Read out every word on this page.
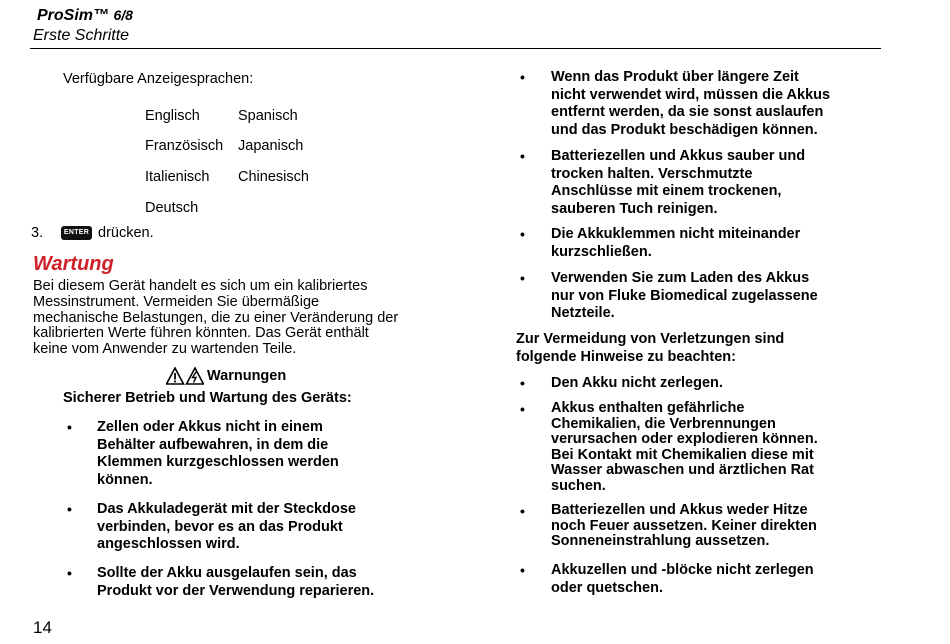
ProSim™ 6/8
Erste Schritte
Verfügbare Anzeigesprachen:
Englisch	Spanisch
Französisch Japanisch
Italienisch Chinesisch
Deutsch
3.	ENTER drücken.
Wartung
Bei diesem Gerät handelt es sich um ein kalibriertes
Messinstrument. Vermeiden Sie übermäßige
mechanische Belastungen, die zu einer Veränderung der
kalibrierten Werte führen könnten. Das Gerät enthält
keine vom Anwender zu wartenden Teile.
Warnungen
Sicherer Betrieb und Wartung des Geräts:
• Zellen oder Akkus nicht in einem
Behälter aufbewahren, in dem die
Klemmen kurzgeschlossen werden
können.
• Das Akkuladegerät mit der Steckdose
verbinden, bevor es an das Produkt
angeschlossen wird.
• Sollte der Akku ausgelaufen sein, das
Produkt vor der Verwendung reparieren.
• Wenn das Produkt über längere Zeit
nicht verwendet wird, müssen die Akkus
entfernt werden, da sie sonst auslaufen
und das Produkt beschädigen können.
• Batteriezellen und Akkus sauber und
trocken halten. Verschmutzte
Anschlüsse mit einem trockenen,
sauberen Tuch reinigen.
• Die Akkuklemmen nicht miteinander
kurzschließen.
• Verwenden Sie zum Laden des Akkus
nur von Fluke Biomedical zugelassene
Netzteile.
Zur Vermeidung von Verletzungen sind
folgende Hinweise zu beachten:
• Den Akku nicht zerlegen.
• Akkus enthalten gefährliche
Chemikalien, die Verbrennungen
verursachen oder explodieren können.
Bei Kontakt mit Chemikalien diese mit
Wasser abwaschen und ärztlichen Rat
suchen.
• Batteriezellen und Akkus weder Hitze
noch Feuer aussetzen. Keiner direkten
Sonneneinstrahlung aussetzen.
• Akkuzellen und -blöcke nicht zerlegen
oder quetschen.
14
